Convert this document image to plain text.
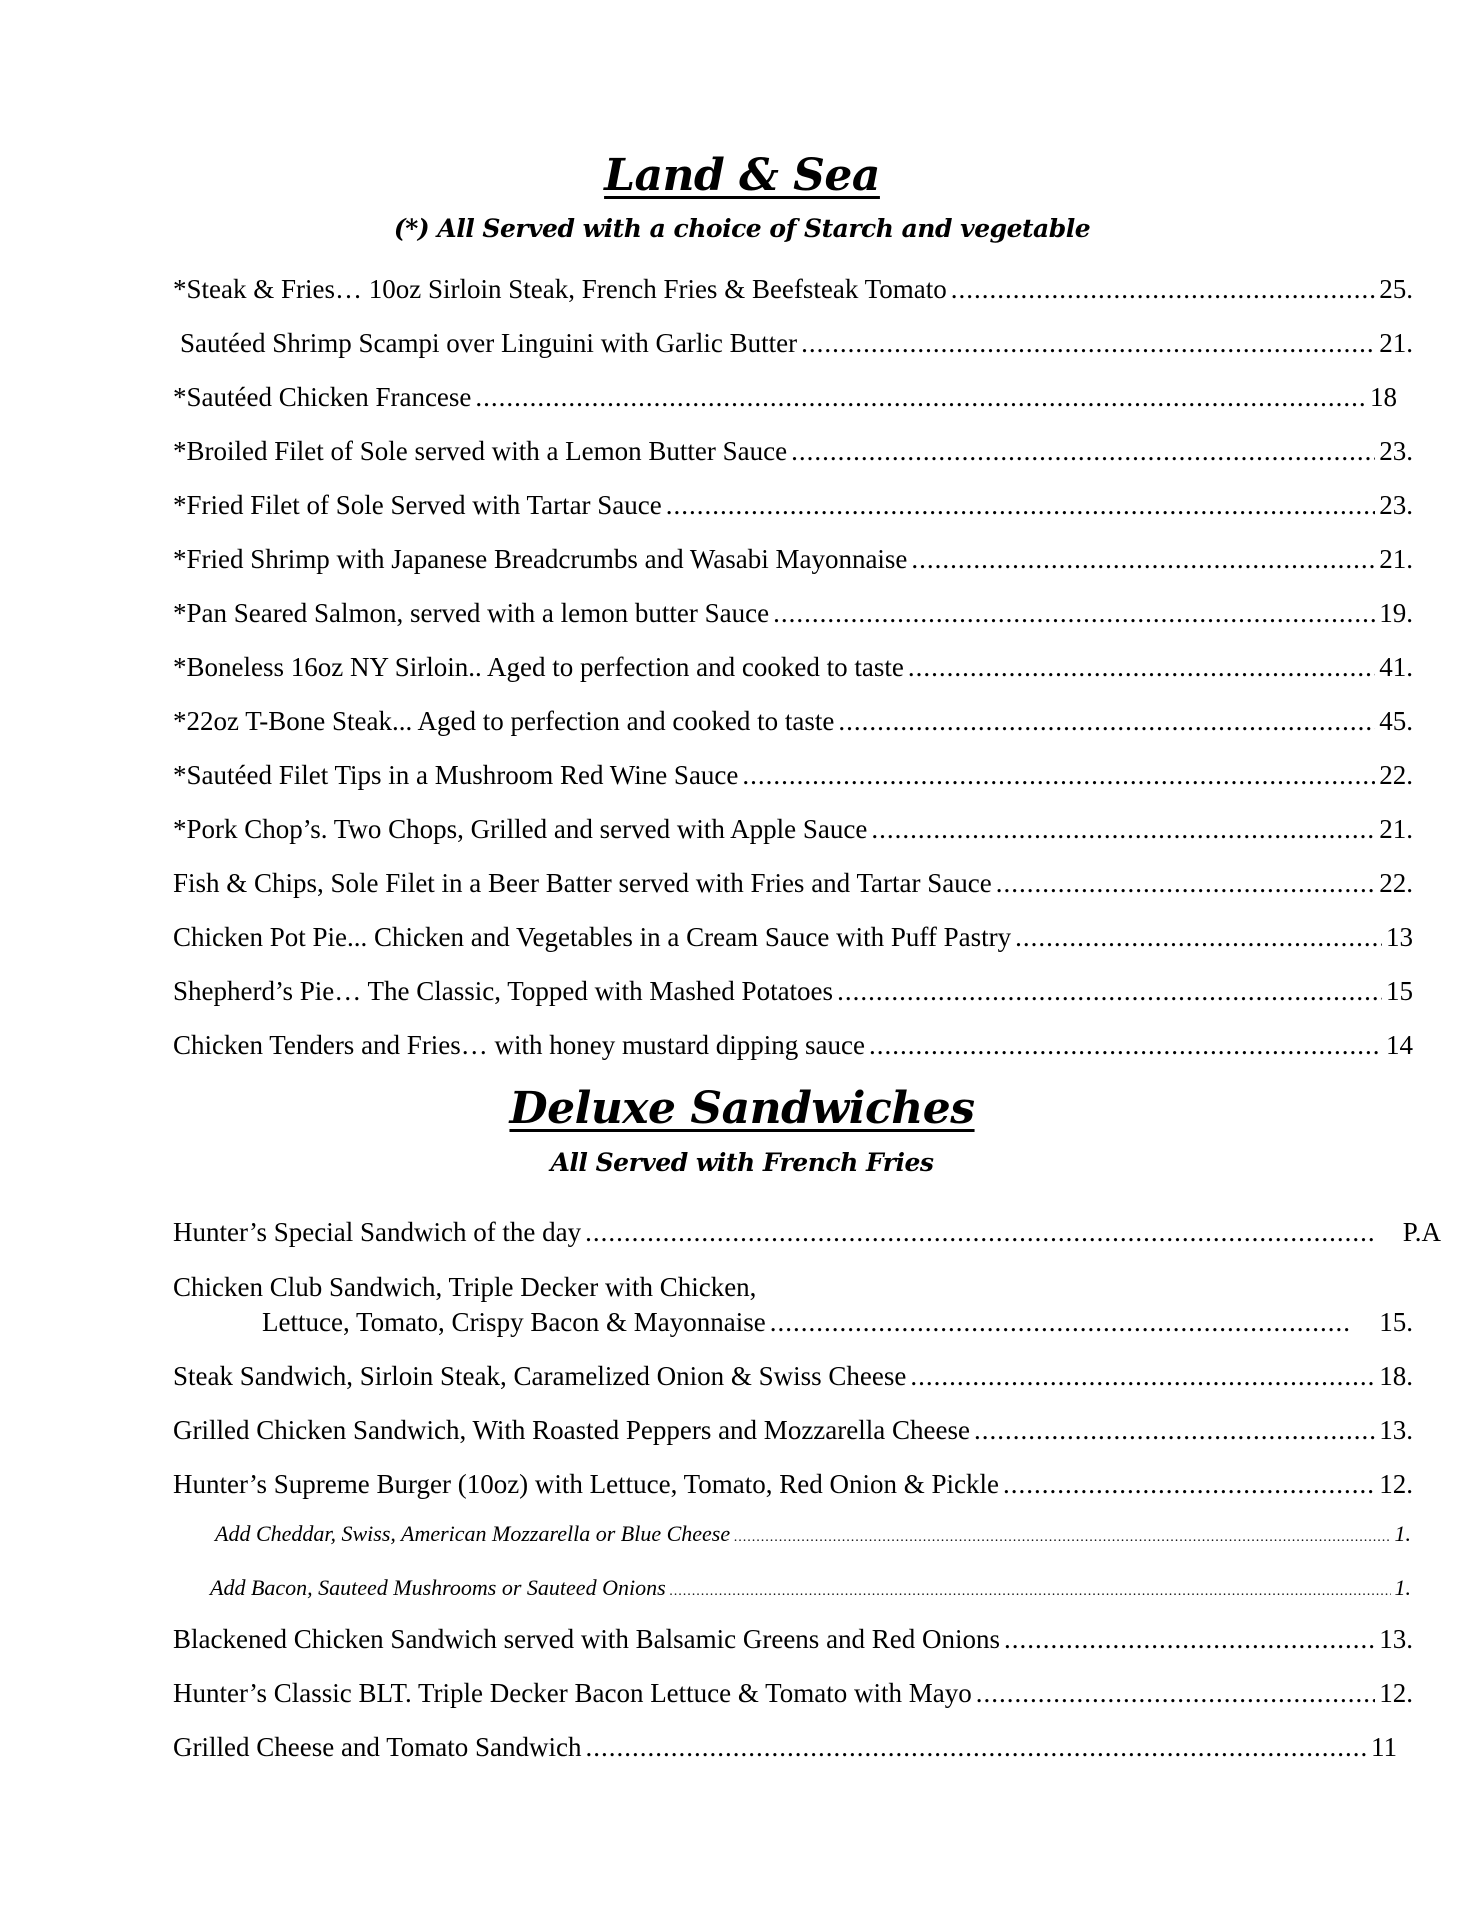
Land & Sea
(*) All Served with a choice of Starch and vegetable
*Steak & Fries… 10oz Sirloin Steak, French Fries & Beefsteak Tomato .....	25.
Sautéed Shrimp Scampi over Linguini with Garlic Butter .....	21.
*Sautéed Chicken Francese .....	18
*Broiled Filet of Sole served with a Lemon Butter Sauce .....	23.
*Fried Filet of Sole Served with Tartar Sauce .....	23.
*Fried Shrimp with Japanese Breadcrumbs and Wasabi Mayonnaise .....	21.
*Pan Seared Salmon, served with a lemon butter Sauce .....	19.
*Boneless 16oz NY Sirloin.. Aged to perfection and cooked to taste .....	41.
*22oz T-Bone Steak... Aged to perfection and cooked to taste .....	45.
*Sautéed Filet Tips in a Mushroom Red Wine Sauce .....	22.
*Pork Chop’s. Two Chops, Grilled and served with Apple Sauce .....	21.
Fish & Chips, Sole Filet in a Beer Batter served with Fries and Tartar Sauce .....	22.
Chicken Pot Pie... Chicken and Vegetables in a Cream Sauce with Puff Pastry .....	13
Shepherd’s Pie… The Classic, Topped with Mashed Potatoes .....	15
Chicken Tenders and Fries… with honey mustard dipping sauce .....	14
Deluxe Sandwiches
All Served with French Fries
Hunter’s Special Sandwich of the day .....	P.A
Chicken Club Sandwich, Triple Decker with Chicken,
Lettuce, Tomato, Crispy Bacon & Mayonnaise .....	15.
Steak Sandwich, Sirloin Steak, Caramelized Onion & Swiss Cheese .....	18.
Grilled Chicken Sandwich, With Roasted Peppers and Mozzarella Cheese .....	13.
Hunter’s Supreme Burger (10oz) with Lettuce, Tomato, Red Onion & Pickle .....	12.
Add Cheddar, Swiss, American Mozzarella or Blue Cheese .....	1.
Add Bacon, Sauteed Mushrooms or Sauteed Onions .....	1.
Blackened Chicken Sandwich served with Balsamic Greens and Red Onions .....	13.
Hunter’s Classic BLT. Triple Decker Bacon Lettuce & Tomato with Mayo .....	12.
Grilled Cheese and Tomato Sandwich .....	11
